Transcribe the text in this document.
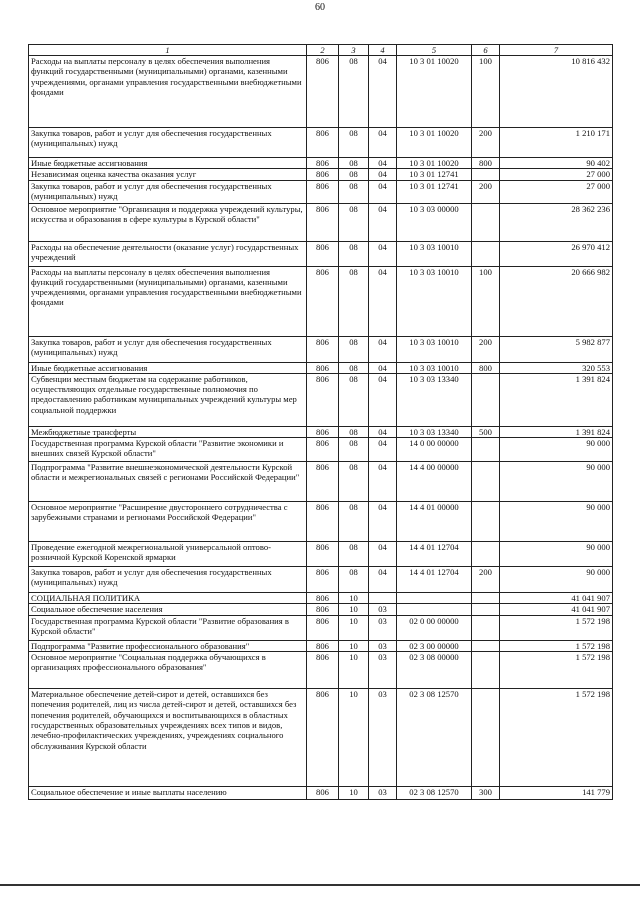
60
1	2	3	4	5	6	7
Расходы на выплаты персоналу в целях обеспечения выполнения функций государственными (муниципальными) органами, казенными учреждениями, органами управления государственными внебюджетными фондами	806	08	04	10 3 01 10020	100	10 816 432
Закупка товаров, работ и услуг для обеспечения государственных (муниципальных) нужд	806	08	04	10 3 01 10020	200	1 210 171
Иные бюджетные ассигнования	806	08	04	10 3 01 10020	800	90 402
Независимая оценка качества оказания услуг	806	08	04	10 3 01 12741		27 000
Закупка товаров, работ и услуг для обеспечения государственных (муниципальных) нужд	806	08	04	10 3 01 12741	200	27 000
Основное мероприятие "Организация и поддержка учреждений культуры, искусства и образования в сфере культуры в Курской области"	806	08	04	10 3 03 00000		28 362 236
Расходы на обеспечение деятельности (оказание услуг) государственных учреждений	806	08	04	10 3 03 10010		26 970 412
Расходы на выплаты персоналу в целях обеспечения выполнения функций государственными (муниципальными) органами, казенными учреждениями, органами управления государственными внебюджетными фондами	806	08	04	10 3 03 10010	100	20 666 982
Закупка товаров, работ и услуг для обеспечения государственных (муниципальных) нужд	806	08	04	10 3 03 10010	200	5 982 877
Иные бюджетные ассигнования	806	08	04	10 3 03 10010	800	320 553
Субвенции местным бюджетам на содержание работников, осуществляющих отдельные государственные полномочия по предоставлению работникам муниципальных учреждений культуры мер социальной поддержки	806	08	04	10 3 03 13340		1 391 824
Межбюджетные трансферты	806	08	04	10 3 03 13340	500	1 391 824
Государственная программа Курской области "Развитие экономики и внешних связей Курской области"	806	08	04	14 0 00 00000		90 000
Подпрограмма "Развитие внешнеэкономической деятельности Курской области и межрегиональных связей с регионами Российской Федерации"	806	08	04	14 4 00 00000		90 000
Основное мероприятие "Расширение двустороннего сотрудничества с зарубежными странами и регионами Российской Федерации"	806	08	04	14 4 01 00000		90 000
Проведение ежегодной межрегиональной универсальной оптово-розничной Курской Коренской ярмарки	806	08	04	14 4 01 12704		90 000
Закупка товаров, работ и услуг для обеспечения государственных (муниципальных) нужд	806	08	04	14 4 01 12704	200	90 000
СОЦИАЛЬНАЯ ПОЛИТИКА	806	10				41 041 907
Социальное обеспечение населения	806	10	03			41 041 907
Государственная программа Курской области "Развитие образования в Курской области"	806	10	03	02 0 00 00000		1 572 198
Подпрограмма "Развитие профессионального образования"	806	10	03	02 3 00 00000		1 572 198
Основное мероприятие "Социальная поддержка обучающихся в организациях профессионального образования"	806	10	03	02 3 08 00000		1 572 198
Материальное обеспечение детей-сирот и детей, оставшихся без попечения родителей, лиц из числа детей-сирот и детей, оставшихся без попечения родителей, обучающихся и воспитывающихся в областных государственных образовательных учреждениях всех типов и видов, лечебно-профилактических учреждениях, учреждениях социального обслуживания Курской области	806	10	03	02 3 08 12570		1 572 198
Социальное обеспечение и иные выплаты населению	806	10	03	02 3 08 12570	300	141 779
